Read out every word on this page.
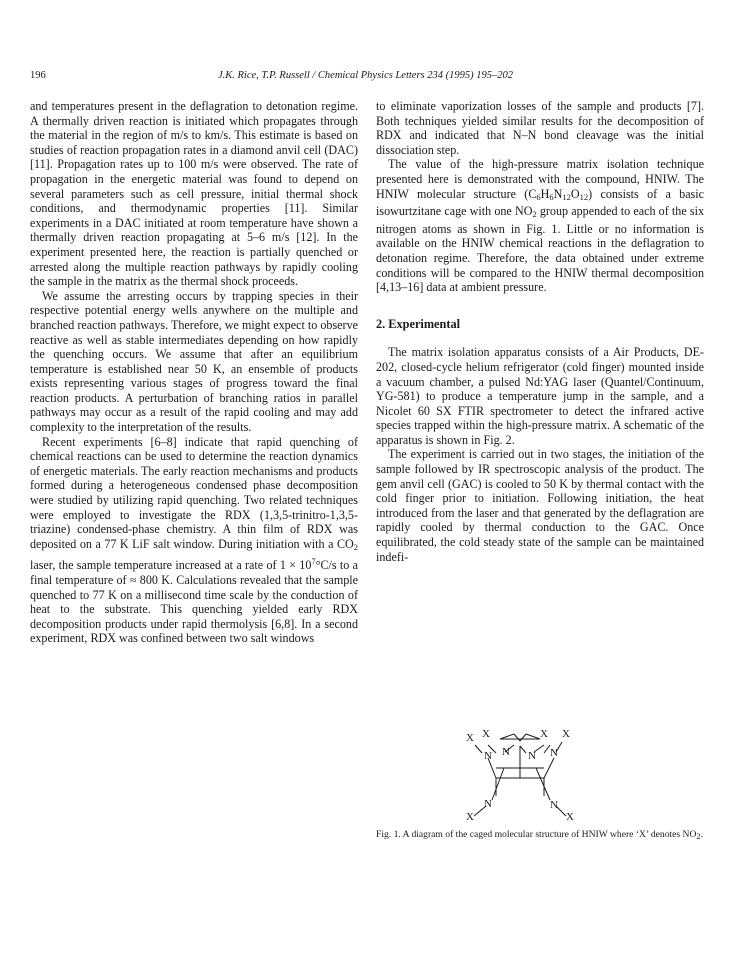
196	J.K. Rice, T.P. Russell / Chemical Physics Letters 234 (1995) 195–202

and temperatures present in the deflagration to detonation regime. A thermally driven reaction is initiated which propagates through the material in the region of m/s to km/s. This estimate is based on studies of reaction propagation rates in a diamond anvil cell (DAC) [11]. Propagation rates up to 100 m/s were observed. The rate of propagation in the energetic material was found to depend on several parameters such as cell pressure, initial thermal shock conditions, and thermodynamic properties [11]. Similar experiments in a DAC initiated at room temperature have shown a thermally driven reaction propagating at 5–6 m/s [12]. In the experiment presented here, the reaction is partially quenched or arrested along the multiple reaction pathways by rapidly cooling the sample in the matrix as the thermal shock proceeds.

We assume the arresting occurs by trapping species in their respective potential energy wells anywhere on the multiple and branched reaction pathways. Therefore, we might expect to observe reactive as well as stable intermediates depending on how rapidly the quenching occurs. We assume that after an equilibrium temperature is established near 50 K, an ensemble of products exists representing various stages of progress toward the final reaction products. A perturbation of branching ratios in parallel pathways may occur as a result of the rapid cooling and may add complexity to the interpretation of the results.

Recent experiments [6–8] indicate that rapid quenching of chemical reactions can be used to determine the reaction dynamics of energetic materials. The early reaction mechanisms and products formed during a heterogeneous condensed phase decomposition were studied by utilizing rapid quenching. Two related techniques were employed to investigate the RDX (1,3,5-trinitro-1,3,5-triazine) condensed-phase chemistry. A thin film of RDX was deposited on a 77 K LiF salt window. During initiation with a $CO_2$ laser, the sample temperature increased at a rate of $1 \times 10^7^\circ C/s$ to a final temperature of ≈ 800 K. Calculations revealed that the sample quenched to 77 K on a millisecond time scale by the conduction of heat to the substrate. This quenching yielded early RDX decomposition products under rapid thermolysis [6,8]. In a second experiment, RDX was confined between two salt windows

to eliminate vaporization losses of the sample and products [7]. Both techniques yielded similar results for the decomposition of RDX and indicated that N–N bond cleavage was the initial dissociation step.

The value of the high-pressure matrix isolation technique presented here is demonstrated with the compound, HNIW. The HNIW molecular structure $(C_6H_6N_{12}O_{12})$ consists of a basic isowurtzitane cage with one $NO_2$ group appended to each of the six nitrogen atoms as shown in Fig. 1. Little or no information is available on the HNIW chemical reactions in the deflagration to detonation regime. Therefore, the data obtained under extreme conditions will be compared to the HNIW thermal decomposition [4,13–16] data at ambient pressure.

2. Experimental

The matrix isolation apparatus consists of a Air Products, DE-202, closed-cycle helium refrigerator (cold finger) mounted inside a vacuum chamber, a pulsed Nd:YAG laser (Quantel/Continuum, YG-581) to produce a temperature jump in the sample, and a Nicolet 60 SX FTIR spectrometer to detect the infrared active species trapped within the high-pressure matrix. A schematic of the apparatus is shown in Fig. 2.

The experiment is carried out in two stages, the initiation of the sample followed by IR spectroscopic analysis of the product. The gem anvil cell (GAC) is cooled to 50 K by thermal contact with the cold finger prior to initiation. Following initiation, the heat introduced from the laser and that generated by the deflagration are rapidly cooled by thermal conduction to the GAC. Once equilibrated, the cold steady state of the sample can be maintained indefi-

X X	X X
N N N N
N	N
X	X
Fig. 1. A diagram of the caged molecular structure of HNIW where ‘X’ denotes NO2.
